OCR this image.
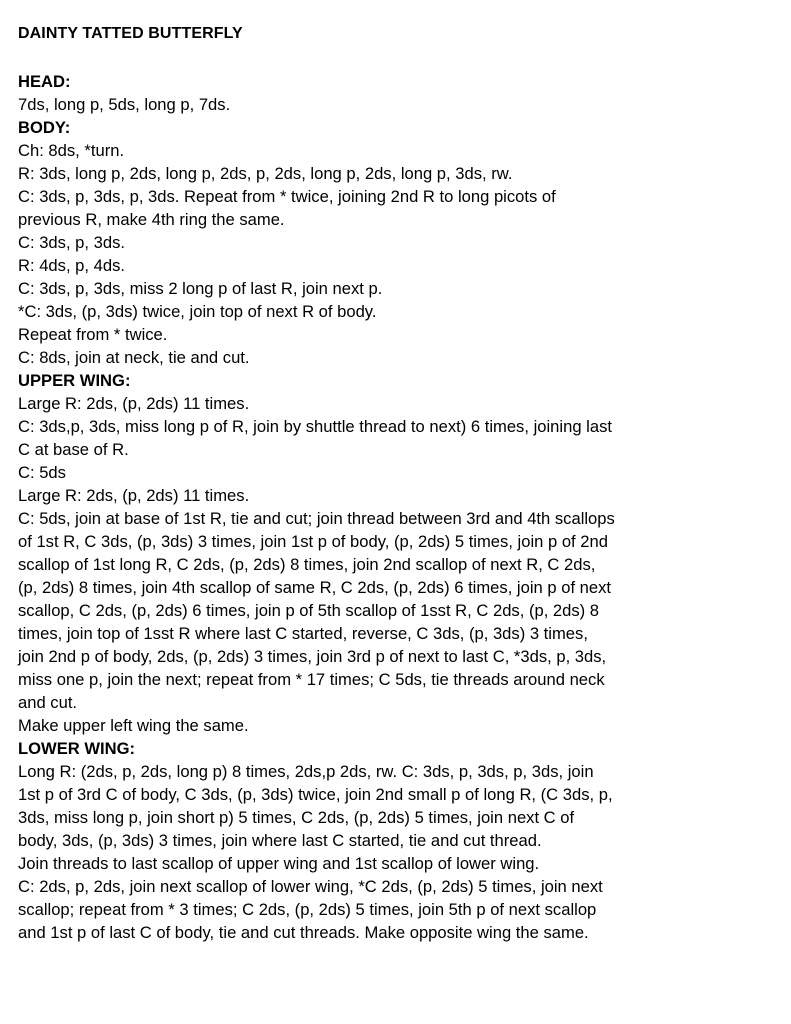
DAINTY TATTED BUTTERFLY
HEAD:
7ds, long p, 5ds, long p, 7ds.
BODY:
Ch: 8ds, *turn.
R: 3ds, long p, 2ds, long p, 2ds, p, 2ds, long p, 2ds, long p, 3ds, rw.
C: 3ds, p, 3ds, p, 3ds. Repeat from * twice, joining 2nd R to long picots of
previous R, make 4th ring the same.
C: 3ds, p, 3ds.
R: 4ds, p, 4ds.
C: 3ds, p, 3ds, miss 2 long p of last R, join next p.
*C: 3ds, (p, 3ds) twice, join top of next R of body.
Repeat from * twice.
C: 8ds, join at neck, tie and cut.
UPPER WING:
Large R: 2ds, (p, 2ds) 11 times.
C: 3ds,p, 3ds, miss long p of R, join by shuttle thread to next) 6 times, joining last
C at base of R.
C: 5ds
Large R: 2ds, (p, 2ds) 11 times.
C: 5ds, join at base of 1st R, tie and cut; join thread between 3rd and 4th scallops
of 1st R, C 3ds, (p, 3ds) 3 times, join 1st p of body, (p, 2ds) 5 times, join p of 2nd
scallop of 1st long R, C 2ds, (p, 2ds) 8 times, join 2nd scallop of next R, C 2ds,
(p, 2ds) 8 times, join 4th scallop of same R, C 2ds, (p, 2ds) 6 times, join p of next
scallop, C 2ds, (p, 2ds) 6 times, join p of 5th scallop of 1sst R, C 2ds, (p, 2ds) 8
times, join top of 1sst R where last C started, reverse, C 3ds, (p, 3ds) 3 times,
join 2nd p of body, 2ds, (p, 2ds) 3 times, join 3rd p of next to last C, *3ds, p, 3ds,
miss one p, join the next; repeat from * 17 times; C 5ds, tie threads around neck
and cut.
Make upper left wing the same.
LOWER WING:
Long R: (2ds, p, 2ds, long p) 8 times, 2ds,p 2ds, rw. C: 3ds, p, 3ds, p, 3ds, join
1st p of 3rd C of body, C 3ds, (p, 3ds) twice, join 2nd small p of long R, (C 3ds, p,
3ds, miss long p, join short p) 5 times, C 2ds, (p, 2ds) 5 times, join next C of
body, 3ds, (p, 3ds) 3 times, join where last C started, tie and cut thread.
Join threads to last scallop of upper wing and 1st scallop of lower wing.
C: 2ds, p, 2ds, join next scallop of lower wing, *C 2ds, (p, 2ds) 5 times, join next
scallop; repeat from * 3 times; C 2ds, (p, 2ds) 5 times, join 5th p of next scallop
and 1st p of last C of body, tie and cut threads. Make opposite wing the same.
